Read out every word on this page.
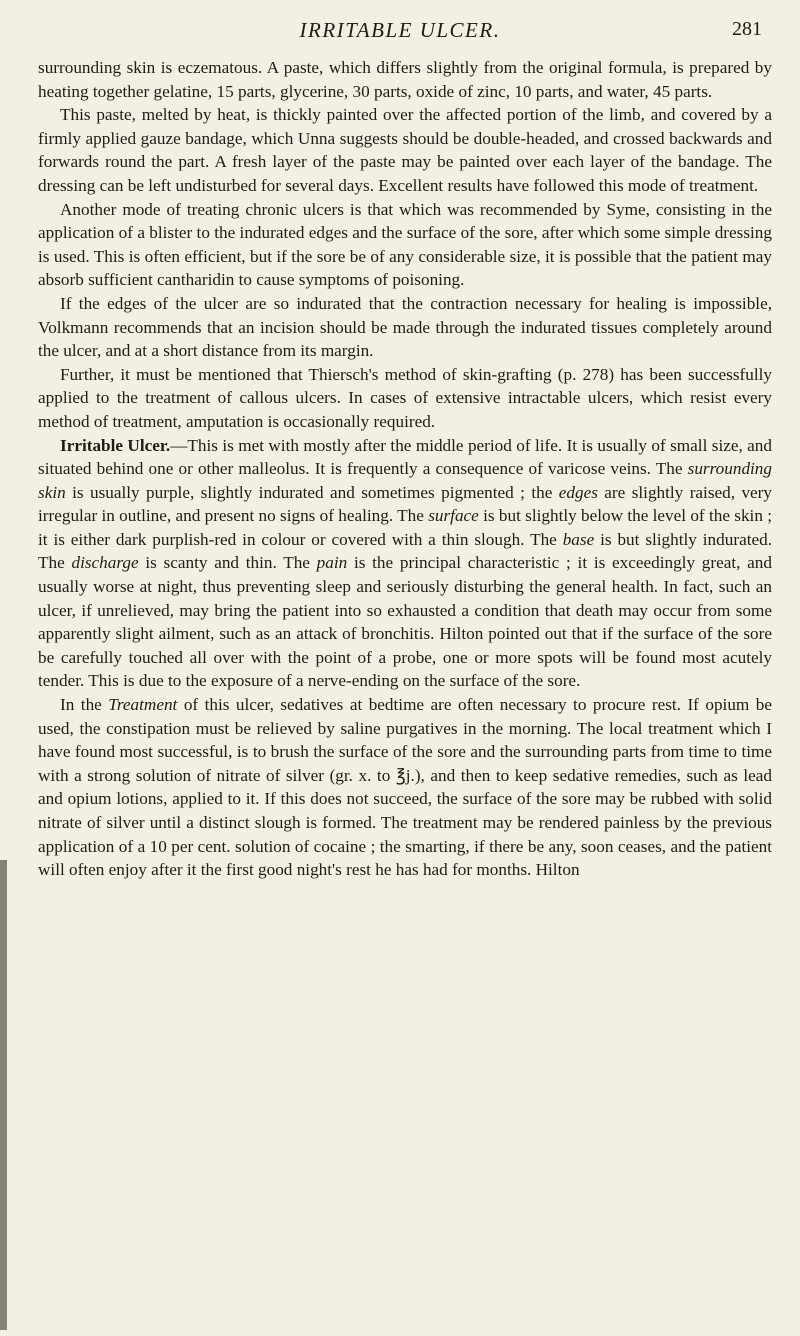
IRRITABLE ULCER.	281

surrounding skin is eczematous. A paste, which differs slightly from the original formula, is prepared by heating together gelatine, 15 parts, glycerine, 30 parts, oxide of zinc, 10 parts, and water, 45 parts.

This paste, melted by heat, is thickly painted over the affected portion of the limb, and covered by a firmly applied gauze bandage, which Unna suggests should be double-headed, and crossed backwards and forwards round the part. A fresh layer of the paste may be painted over each layer of the bandage. The dressing can be left undisturbed for several days. Excellent results have followed this mode of treatment.

Another mode of treating chronic ulcers is that which was recommended by Syme, consisting in the application of a blister to the indurated edges and the surface of the sore, after which some simple dressing is used. This is often efficient, but if the sore be of any considerable size, it is possible that the patient may absorb sufficient cantharidin to cause symptoms of poisoning.

If the edges of the ulcer are so indurated that the contraction necessary for healing is impossible, Volkmann recommends that an incision should be made through the indurated tissues completely around the ulcer, and at a short distance from its margin.

Further, it must be mentioned that Thiersch's method of skin-grafting (p. 278) has been successfully applied to the treatment of callous ulcers. In cases of extensive intractable ulcers, which resist every method of treatment, amputation is occasionally required.

Irritable Ulcer.—This is met with mostly after the middle period of life. It is usually of small size, and situated behind one or other malleolus. It is frequently a consequence of varicose veins. The surrounding skin is usually purple, slightly indurated and sometimes pigmented ; the edges are slightly raised, very irregular in outline, and present no signs of healing. The surface is but slightly below the level of the skin ; it is either dark purplish-red in colour or covered with a thin slough. The base is but slightly indurated. The discharge is scanty and thin. The pain is the principal characteristic ; it is exceedingly great, and usually worse at night, thus preventing sleep and seriously disturbing the general health. In fact, such an ulcer, if unrelieved, may bring the patient into so exhausted a condition that death may occur from some apparently slight ailment, such as an attack of bronchitis. Hilton pointed out that if the surface of the sore be carefully touched all over with the point of a probe, one or more spots will be found most acutely tender. This is due to the exposure of a nerve-ending on the surface of the sore.

In the Treatment of this ulcer, sedatives at bedtime are often necessary to procure rest. If opium be used, the constipation must be relieved by saline purgatives in the morning. The local treatment which I have found most successful, is to brush the surface of the sore and the surrounding parts from time to time with a strong solution of nitrate of silver (gr. x. to ℥j.), and then to keep sedative remedies, such as lead and opium lotions, applied to it. If this does not succeed, the surface of the sore may be rubbed with solid nitrate of silver until a distinct slough is formed. The treatment may be rendered painless by the previous application of a 10 per cent. solution of cocaine ; the smarting, if there be any, soon ceases, and the patient will often enjoy after it the first good night's rest he has had for months. Hilton
